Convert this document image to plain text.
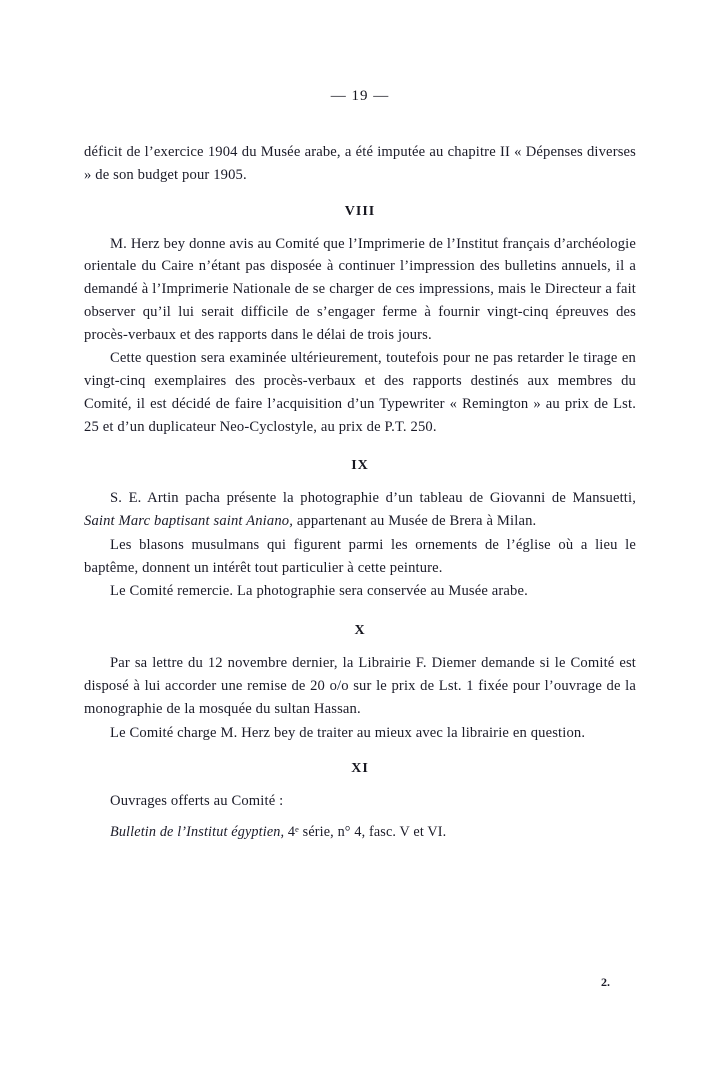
— 19 —

déficit de l’exercice 1904 du Musée arabe, a été imputée au chapitre II « Dépenses diverses » de son budget pour 1905.

VIII

M. Herz bey donne avis au Comité que l’Imprimerie de l’Institut français d’archéologie orientale du Caire n’étant pas disposée à continuer l’impression des bulletins annuels, il a demandé à l’Imprimerie Nationale de se charger de ces impressions, mais le Directeur a fait observer qu’il lui serait difficile de s’engager ferme à fournir vingt-cinq épreuves des procès-verbaux et des rapports dans le délai de trois jours.

Cette question sera examinée ultérieurement, toutefois pour ne pas retarder le tirage en vingt-cinq exemplaires des procès-verbaux et des rapports destinés aux membres du Comité, il est décidé de faire l’acquisition d’un Typewriter « Remington » au prix de Lst. 25 et d’un duplicateur Neo-Cyclostyle, au prix de P.T. 250.

IX

S. E. Artin pacha présente la photographie d’un tableau de Giovanni de Mansuetti, Saint Marc baptisant saint Aniano, appartenant au Musée de Brera à Milan.

Les blasons musulmans qui figurent parmi les ornements de l’église où a lieu le baptême, donnent un intérêt tout particulier à cette peinture.

Le Comité remercie. La photographie sera conservée au Musée arabe.

X

Par sa lettre du 12 novembre dernier, la Librairie F. Diemer demande si le Comité est disposé à lui accorder une remise de 20 o/o sur le prix de Lst. 1 fixée pour l’ouvrage de la monographie de la mosquée du sultan Hassan.

Le Comité charge M. Herz bey de traiter au mieux avec la librairie en question.

XI

Ouvrages offerts au Comité :

Bulletin de l’Institut égyptien, 4ᵉ série, n° 4, fasc. V et VI.

2.
